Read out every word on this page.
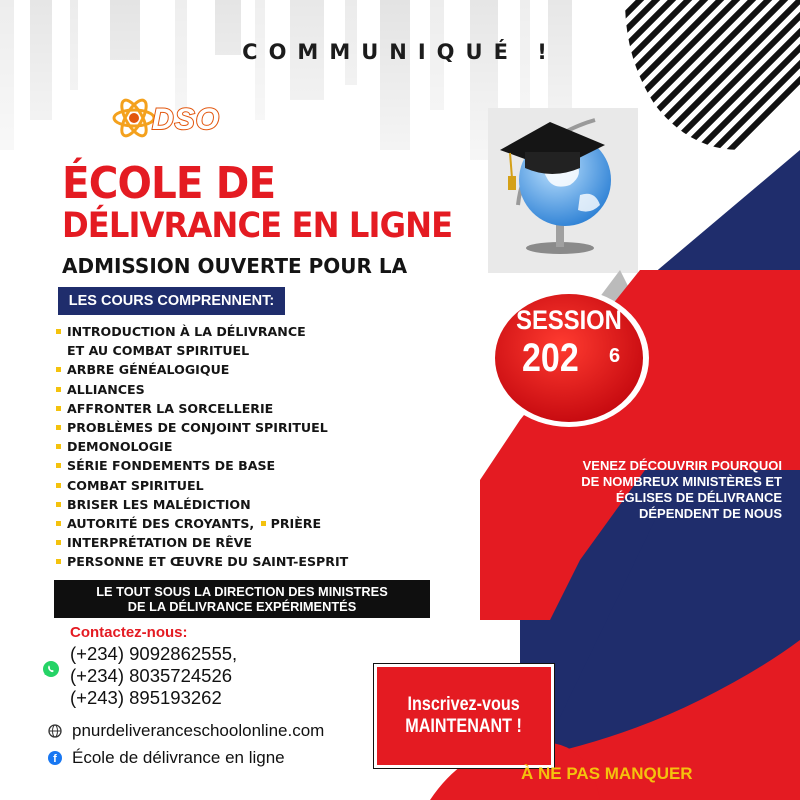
COMMUNIQUÉ !
DSO
ÉCOLE DE
DÉLIVRANCE EN LIGNE
ADMISSION OUVERTE POUR LA
LES COURS COMPRENNENT:
INTRODUCTION À LA DÉLIVRANCE
ET AU COMBAT SPIRITUEL
ARBRE GÉNÉALOGIQUE
ALLIANCES
AFFRONTER LA SORCELLERIE
PROBLÈMES DE CONJOINT SPIRITUEL
DEMONOLOGIE
SÉRIE FONDEMENTS DE BASE
COMBAT SPIRITUEL
BRISER LES MALÉDICTION
AUTORITÉ DES CROYANTS, PRIÈRE
INTERPRÉTATION DE RÊVE
PERSONNE ET ŒUVRE DU SAINT-ESPRIT
LE TOUT SOUS LA DIRECTION DES MINISTRES
DE LA DÉLIVRANCE EXPÉRIMENTÉS
Contactez-nous:
(+234) 9092862555,
(+234) 8035724526
(+243) 895193262
pnurdeliveranceschoolonline.com
f École de délivrance en ligne
SESSION
202 6
VENEZ DÉCOUVRIR POURQUOI
DE NOMBREUX MINISTÈRES ET
ÉGLISES DE DÉLIVRANCE
DÉPENDENT DE NOUS
Inscrivez-vous
MAINTENANT !
À NE PAS MANQUER
